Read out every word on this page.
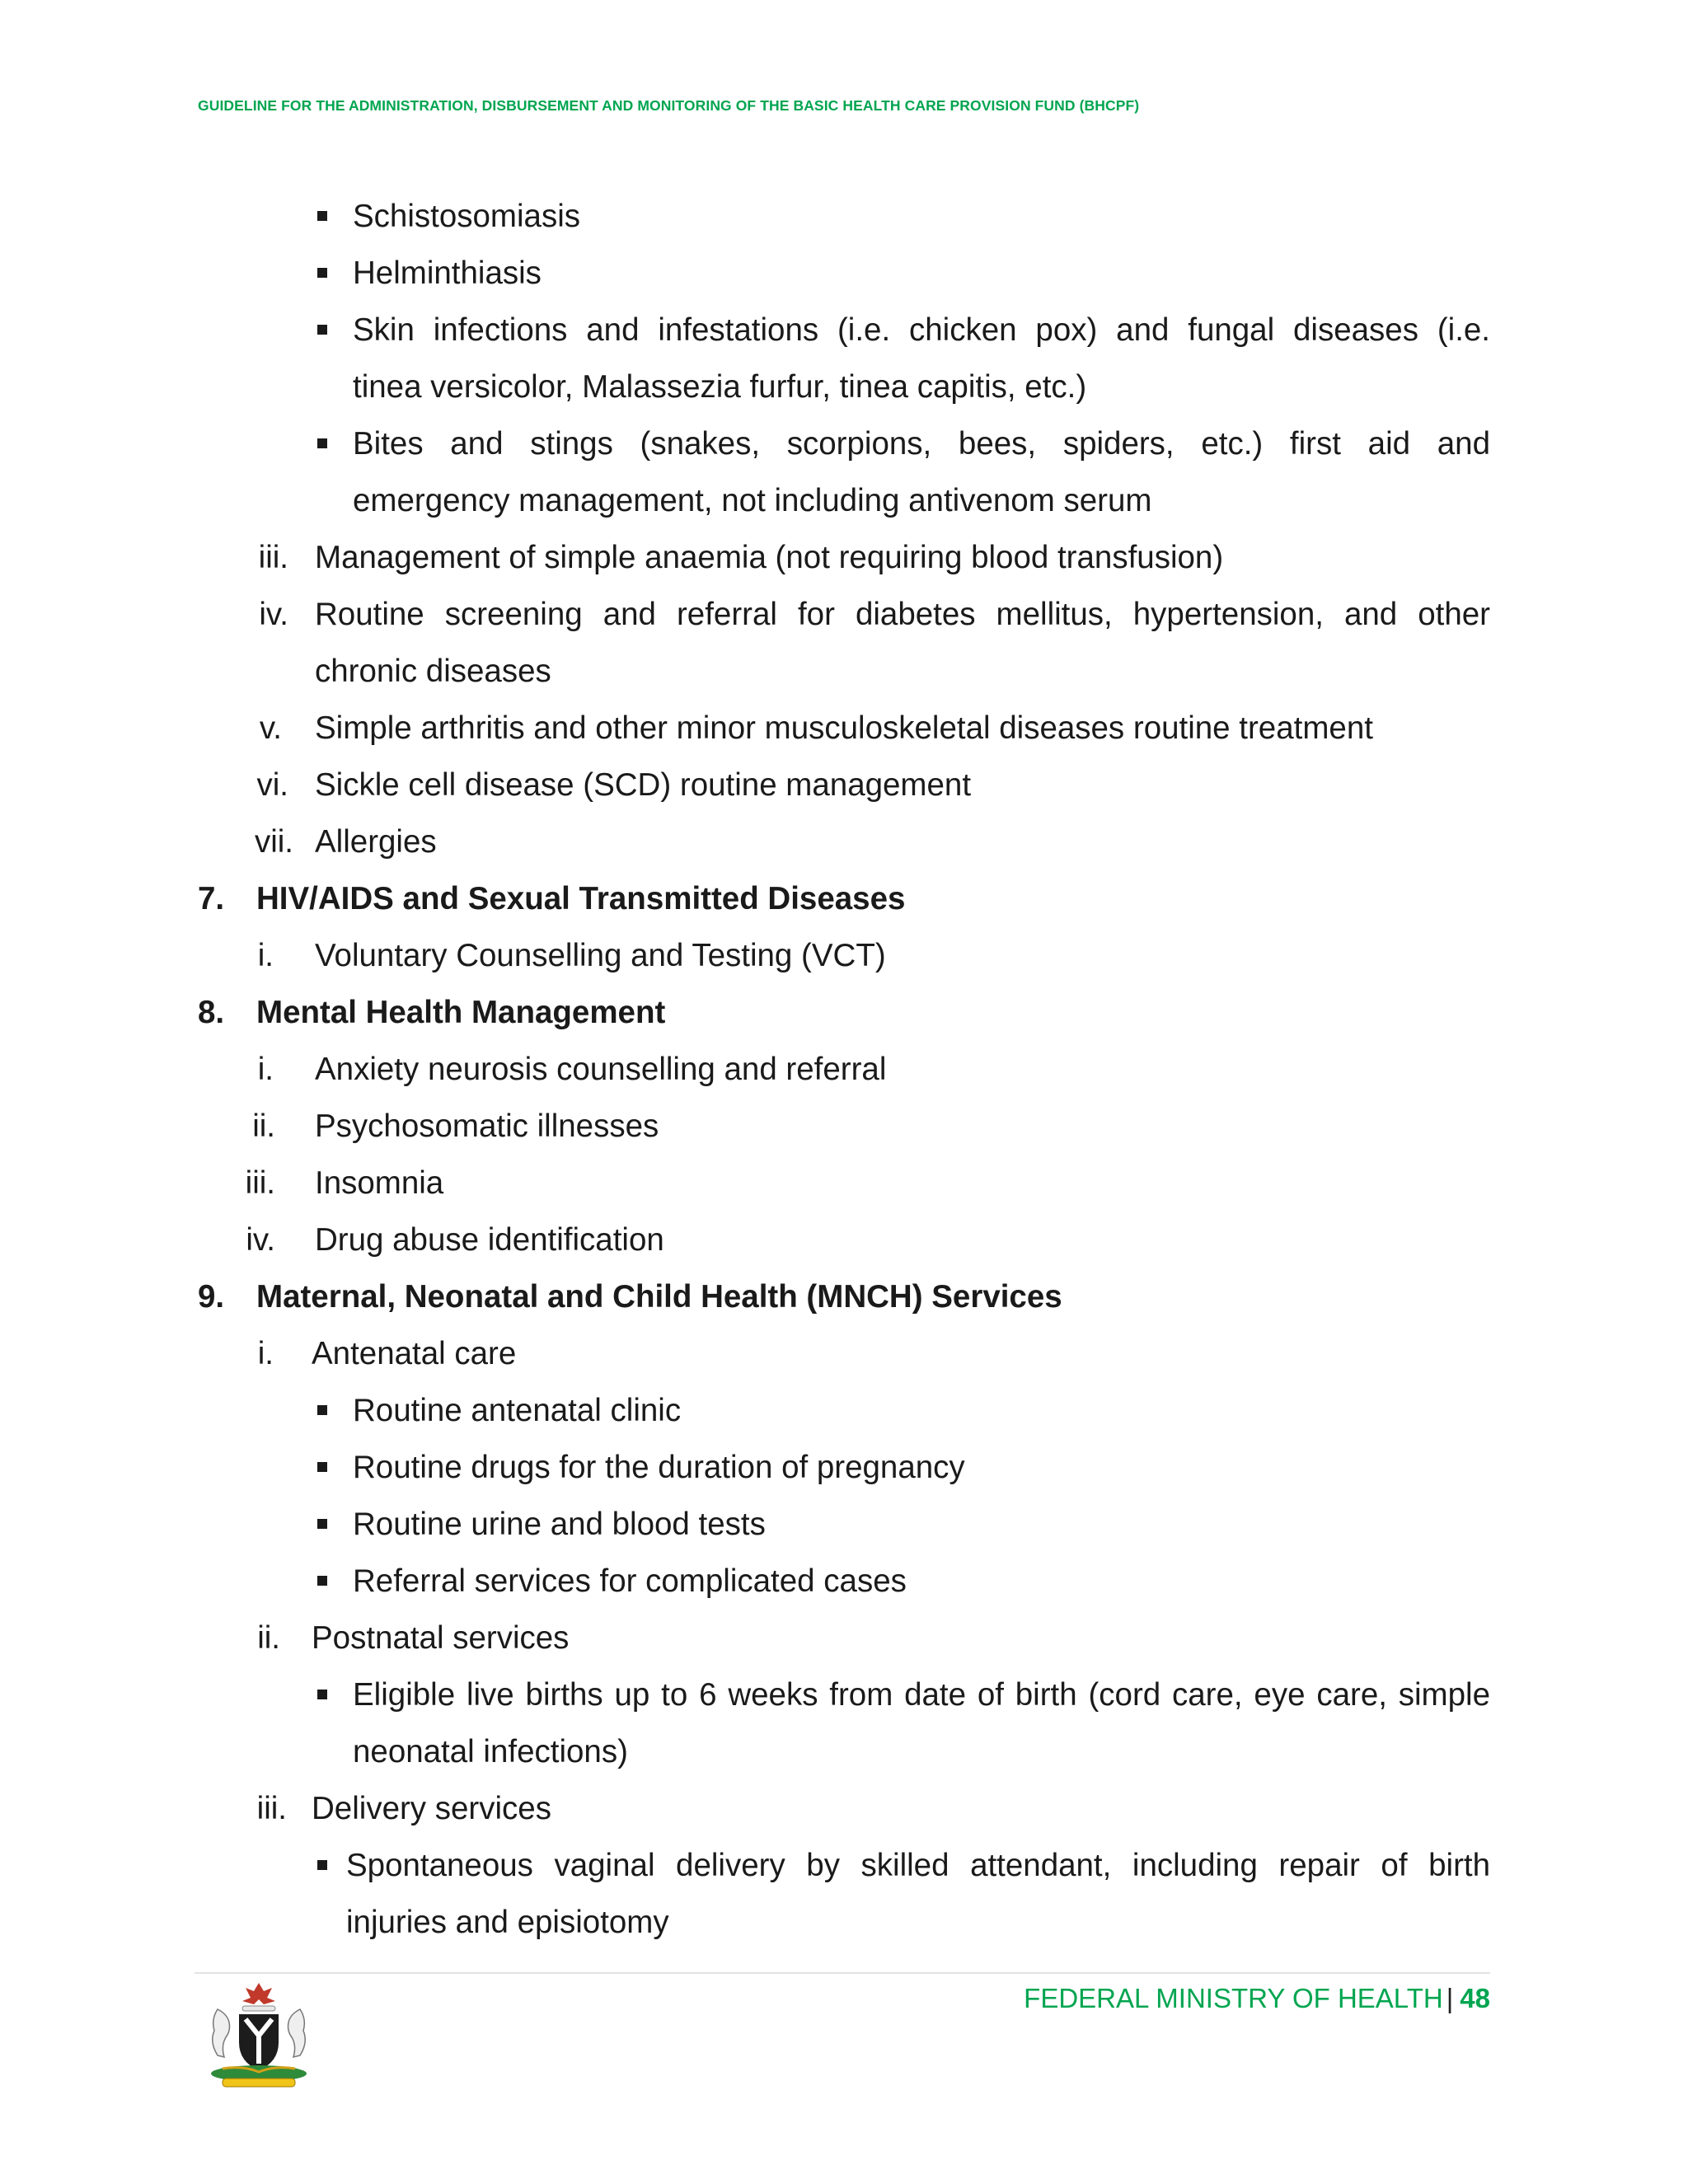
GUIDELINE FOR THE ADMINISTRATION, DISBURSEMENT AND MONITORING OF THE BASIC HEALTH CARE PROVISION FUND (BHCPF)
Schistosomiasis
Helminthiasis
Skin infections and infestations (i.e. chicken pox) and fungal diseases (i.e.
tinea versicolor, Malassezia furfur, tinea capitis, etc.)
Bites and stings (snakes, scorpions, bees, spiders, etc.) first aid and
emergency management, not including antivenom serum
iii. Management of simple anaemia (not requiring blood transfusion)
iv. Routine screening and referral for diabetes mellitus, hypertension, and other
chronic diseases
v. Simple arthritis and other minor musculoskeletal diseases routine treatment
vi. Sickle cell disease (SCD) routine management
vii. Allergies
7. HIV/AIDS and Sexual Transmitted Diseases
i. Voluntary Counselling and Testing (VCT)
8. Mental Health Management
i. Anxiety neurosis counselling and referral
ii. Psychosomatic illnesses
iii. Insomnia
iv. Drug abuse identification
9. Maternal, Neonatal and Child Health (MNCH) Services
i. Antenatal care
Routine antenatal clinic
Routine drugs for the duration of pregnancy
Routine urine and blood tests
Referral services for complicated cases
ii. Postnatal services
Eligible live births up to 6 weeks from date of birth (cord care, eye care, simple
neonatal infections)
iii. Delivery services
Spontaneous vaginal delivery by skilled attendant, including repair of birth
injuries and episiotomy
FEDERAL MINISTRY OF HEALTH | 48
